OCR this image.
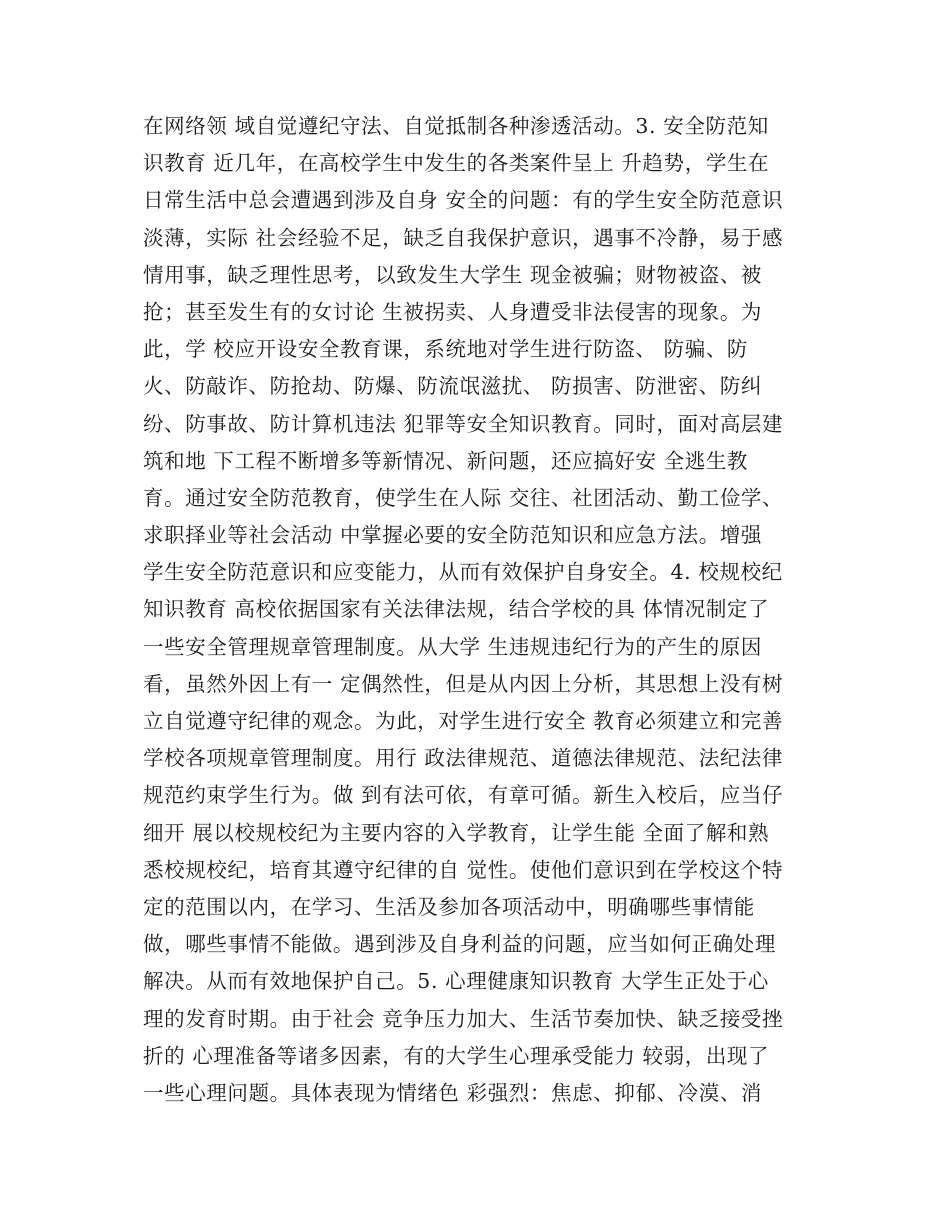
在网络领 域自觉遵纪守法、自觉抵制各种渗透活动。3. 安全防范知
识教育 近几年，在高校学生中发生的各类案件呈上 升趋势，学生在
日常生活中总会遭遇到涉及自身 安全的问题：有的学生安全防范意识
淡薄，实际 社会经验不足，缺乏自我保护意识，遇事不冷静，易于感
情用事，缺乏理性思考，以致发生大学生 现金被骗；财物被盗、被
抢；甚至发生有的女讨论 生被拐卖、人身遭受非法侵害的现象。为
此，学 校应开设安全教育课，系统地对学生进行防盗、 防骗、防
火、防敲诈、防抢劫、防爆、防流氓滋扰、 防损害、防泄密、防纠
纷、防事故、防计算机违法 犯罪等安全知识教育。同时，面对高层建
筑和地 下工程不断增多等新情况、新问题，还应搞好安 全逃生教
育。通过安全防范教育，使学生在人际 交往、社团活动、勤工俭学、
求职择业等社会活动 中掌握必要的安全防范知识和应急方法。增强
学生安全防范意识和应变能力，从而有效保护自身安全。4. 校规校纪
知识教育 高校依据国家有关法律法规，结合学校的具 体情况制定了
一些安全管理规章管理制度。从大学 生违规违纪行为的产生的原因
看，虽然外因上有一 定偶然性，但是从内因上分析，其思想上没有树
立自觉遵守纪律的观念。为此，对学生进行安全 教育必须建立和完善
学校各项规章管理制度。用行 政法律规范、道德法律规范、法纪法律
规范约束学生行为。做 到有法可依，有章可循。新生入校后，应当仔
细开 展以校规校纪为主要内容的入学教育，让学生能 全面了解和熟
悉校规校纪，培育其遵守纪律的自 觉性。使他们意识到在学校这个特
定的范围以内，在学习、生活及参加各项活动中，明确哪些事情能
做，哪些事情不能做。遇到涉及自身利益的问题，应当如何正确处理
解决。从而有效地保护自己。5. 心理健康知识教育 大学生正处于心
理的发育时期。由于社会 竞争压力加大、生活节奏加快、缺乏接受挫
折的 心理准备等诸多因素，有的大学生心理承受能力 较弱，出现了
一些心理问题。具体表现为情绪色 彩强烈：焦虑、抑郁、冷漠、消
